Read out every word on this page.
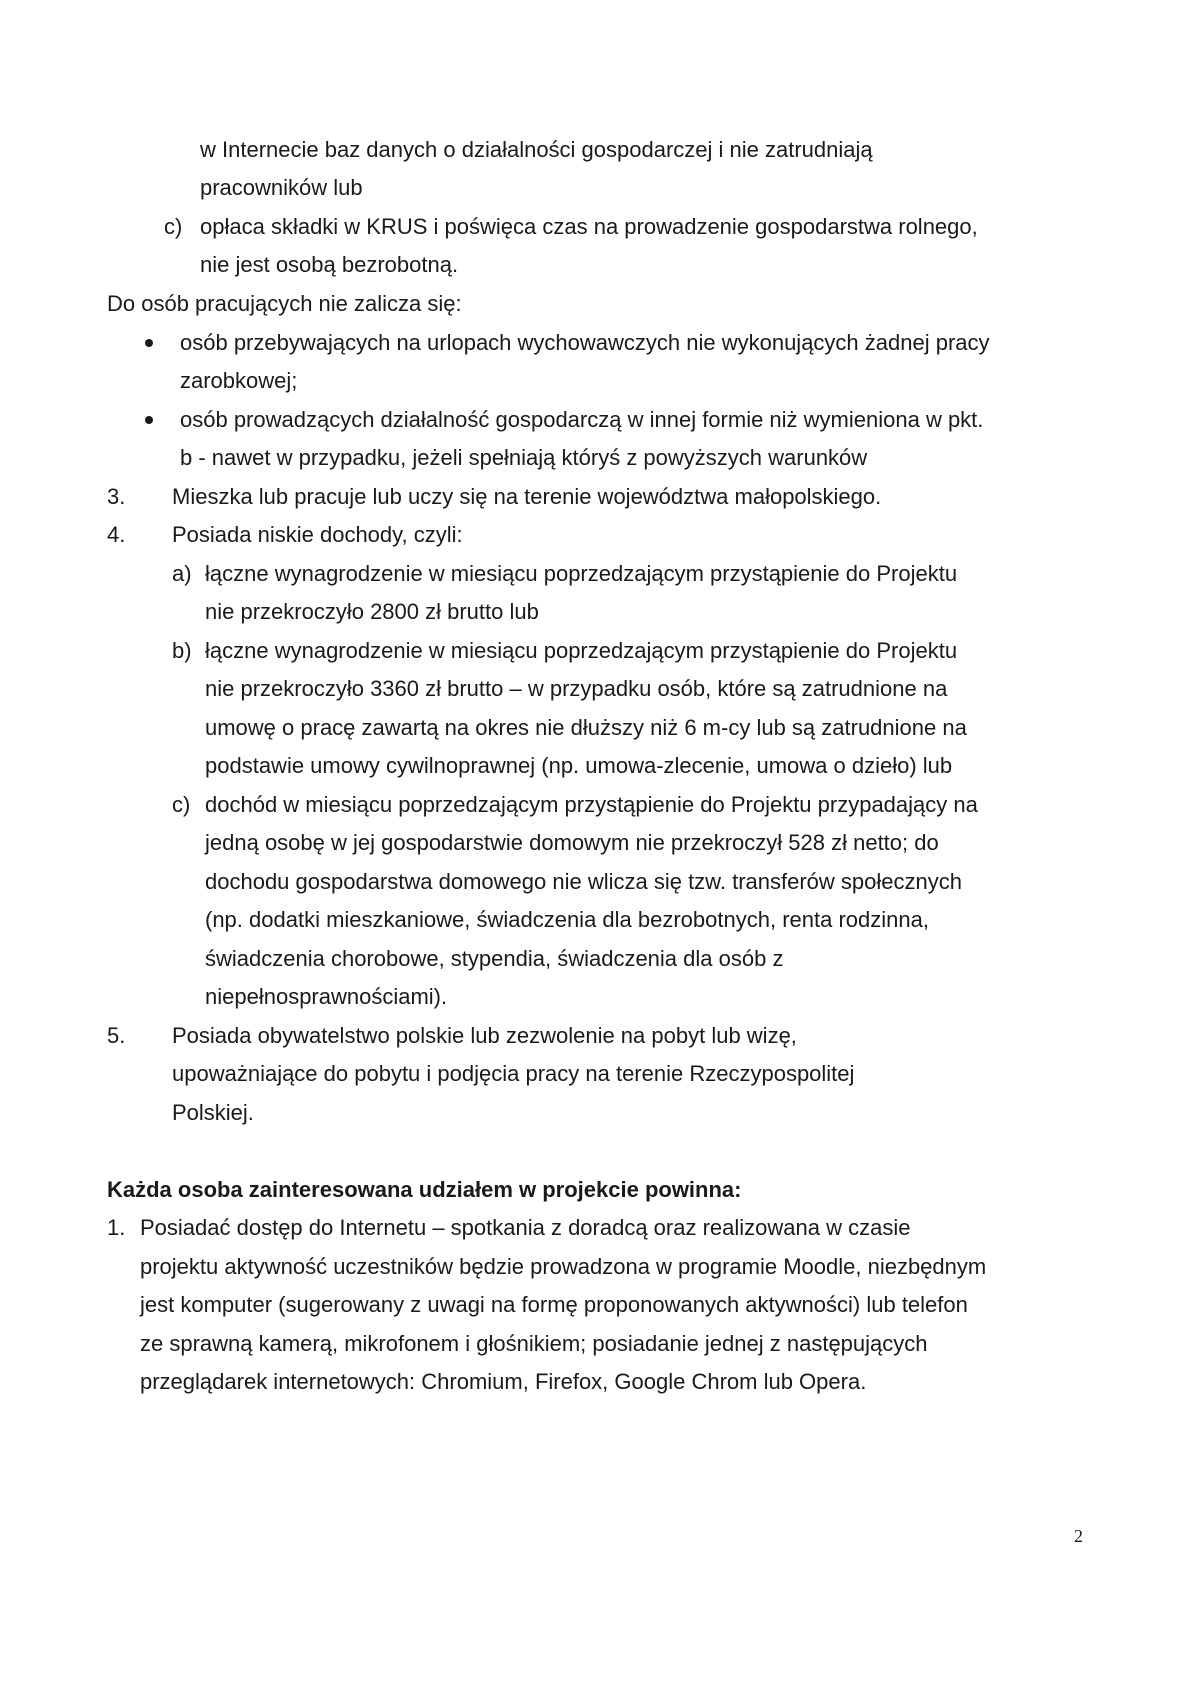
w Internecie baz danych o działalności gospodarczej i nie zatrudniają
pracowników lub
c) opłaca składki w KRUS i poświęca czas na prowadzenie gospodarstwa rolnego,
nie jest osobą bezrobotną.
Do osób pracujących nie zalicza się:
osób przebywających na urlopach wychowawczych nie wykonujących żadnej pracy
zarobkowej;
osób prowadzących działalność gospodarczą w innej formie niż wymieniona w pkt.
b - nawet w przypadku, jeżeli spełniają któryś z powyższych warunków
3. Mieszka lub pracuje lub uczy się na terenie województwa małopolskiego.
4. Posiada niskie dochody, czyli:
a) łączne wynagrodzenie w miesiącu poprzedzającym przystąpienie do Projektu
nie przekroczyło 2800 zł brutto lub
b) łączne wynagrodzenie w miesiącu poprzedzającym przystąpienie do Projektu
nie przekroczyło 3360 zł brutto – w przypadku osób, które są zatrudnione na
umowę o pracę zawartą na okres nie dłuższy niż 6 m-cy lub są zatrudnione na
podstawie umowy cywilnoprawnej (np. umowa-zlecenie, umowa o dzieło) lub
c) dochód w miesiącu poprzedzającym przystąpienie do Projektu przypadający na
jedną osobę w jej gospodarstwie domowym nie przekroczył 528 zł netto; do
dochodu gospodarstwa domowego nie wlicza się tzw. transferów społecznych
(np. dodatki mieszkaniowe, świadczenia dla bezrobotnych, renta rodzinna,
świadczenia chorobowe, stypendia, świadczenia dla osób z
niepełnosprawnościami).
5. Posiada obywatelstwo polskie lub zezwolenie na pobyt lub wizę,
upoważniające do pobytu i podjęcia pracy na terenie Rzeczypospolitej
Polskiej.
Każda osoba zainteresowana udziałem w projekcie powinna:
1. Posiadać dostęp do Internetu – spotkania z doradcą oraz realizowana w czasie
projektu aktywność uczestników będzie prowadzona w programie Moodle, niezbędnym
jest komputer (sugerowany z uwagi na formę proponowanych aktywności) lub telefon
ze sprawną kamerą, mikrofonem i głośnikiem; posiadanie jednej z następujących
przeglądarek internetowych: Chromium, Firefox, Google Chrom lub Opera.
2
